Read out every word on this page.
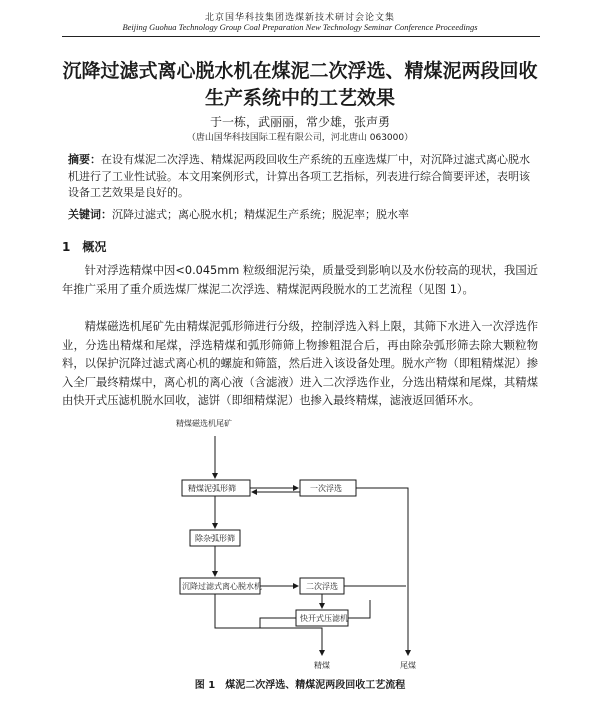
北京国华科技集团选煤新技术研讨会论文集
Beijing Guohua Technology Group Coal Preparation New Technology Seminar Conference Proceedings
沉降过滤式离心脱水机在煤泥二次浮选、精煤泥两段回收
生产系统中的工艺效果
于一栋，武丽丽，常少雄，张声勇
（唐山国华科技国际工程有限公司，河北唐山 063000）
摘要：在设有煤泥二次浮选、精煤泥两段回收生产系统的五座选煤厂中，对沉降过滤式离心脱水机进行了工业性试验。本文用案例形式，计算出各项工艺指标，列表进行综合简要评述，表明该设备工艺效果是良好的。
关键词：沉降过滤式；离心脱水机；精煤泥生产系统；脱泥率；脱水率
1　概况
针对浮选精煤中因<0.045mm 粒级细泥污染，质量受到影响以及水份较高的现状，我国近年推广采用了重介质选煤厂煤泥二次浮选、精煤泥两段脱水的工艺流程（见图 1）。
精煤磁选机尾矿先由精煤泥弧形筛进行分级，控制浮选入料上限，其筛下水进入一次浮选作业，分选出精煤和尾煤，浮选精煤和弧形筛筛上物掺粗混合后，再由除杂弧形筛去除大颗粒物料，以保护沉降过滤式离心机的螺旋和筛篮，然后进入该设备处理。脱水产物（即粗精煤泥）掺入全厂最终精煤中，离心机的离心液（含滤液）进入二次浮选作业，分选出精煤和尾煤，其精煤由快开式压滤机脱水回收，滤饼（即细精煤泥）也掺入最终精煤，滤液返回循环水。
精煤磁选机尾矿
精煤泥弧形筛	一次浮选
除杂弧形筛
沉降过滤式离心脱水机	二次浮选
快开式压滤机
精煤	尾煤
图 1　煤泥二次浮选、精煤泥两段回收工艺流程
